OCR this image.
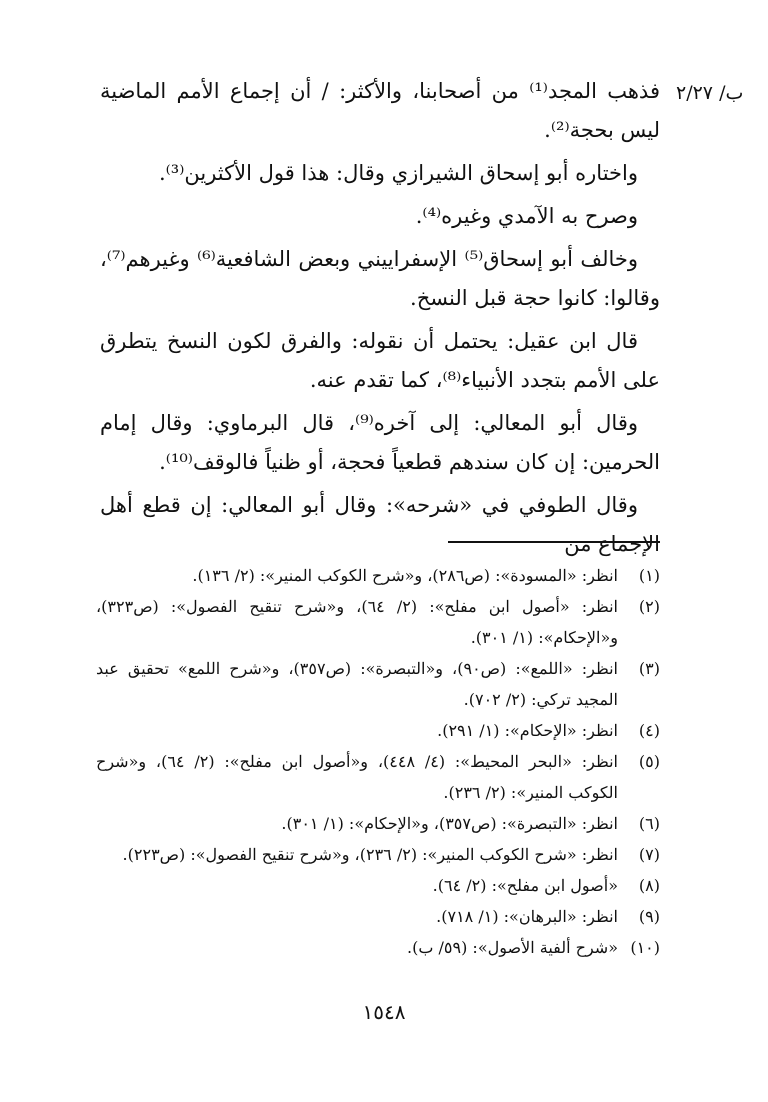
ب/ ٢/٢٧

فذهب المجد⁽¹⁾ من أصحابنا، والأكثر: / أن إجماع الأمم الماضية ليس بحجة⁽²⁾.

واختاره أبو إسحاق الشيرازي وقال: هذا قول الأكثرين⁽³⁾.

وصرح به الآمدي وغيره⁽⁴⁾.

وخالف أبو إسحاق⁽⁵⁾ الإسفراييني وبعض الشافعية⁽⁶⁾ وغيرهم⁽⁷⁾، وقالوا: كانوا حجة قبل النسخ.

قال ابن عقيل: يحتمل أن نقوله: والفرق لكون النسخ يتطرق على الأمم بتجدد الأنبياء⁽⁸⁾، كما تقدم عنه.

وقال أبو المعالي: إلى آخره⁽⁹⁾، قال البرماوي: وقال إمام الحرمين: إن كان سندهم قطعياً فحجة، أو ظنياً فالوقف⁽¹⁰⁾.

وقال الطوفي في «شرحه»: وقال أبو المعالي: إن قطع أهل الإجماع من

(١)
انظر: «المسودة»: (ص٢٨٦)، و«شرح الكوكب المنير»: (٢/ ١٣٦).
(٢)
انظر: «أصول ابن مفلح»: (٢/ ٦٤)، و«شرح تنقيح الفصول»: (ص٣٢٣)، و«الإحكام»: (١/ ٣٠١).
(٣)
انظر: «اللمع»: (ص٩٠)، و«التبصرة»: (ص٣٥٧)، و«شرح اللمع» تحقيق عبد المجيد تركي: (٢/ ٧٠٢).
(٤)
انظر: «الإحكام»: (١/ ٢٩١).
(٥)
انظر: «البحر المحيط»: (٤/ ٤٤٨)، و«أصول ابن مفلح»: (٢/ ٦٤)، و«شرح الكوكب المنير»: (٢/ ٢٣٦).
(٦)
انظر: «التبصرة»: (ص٣٥٧)، و«الإحكام»: (١/ ٣٠١).
(٧)
انظر: «شرح الكوكب المنير»: (٢/ ٢٣٦)، و«شرح تنقيح الفصول»: (ص٢٢٣).
(٨)
«أصول ابن مفلح»: (٢/ ٦٤).
(٩)
انظر: «البرهان»: (١/ ٧١٨).
(١٠)
«شرح ألفية الأصول»: (٥٩/ ب).
١٥٤٨
